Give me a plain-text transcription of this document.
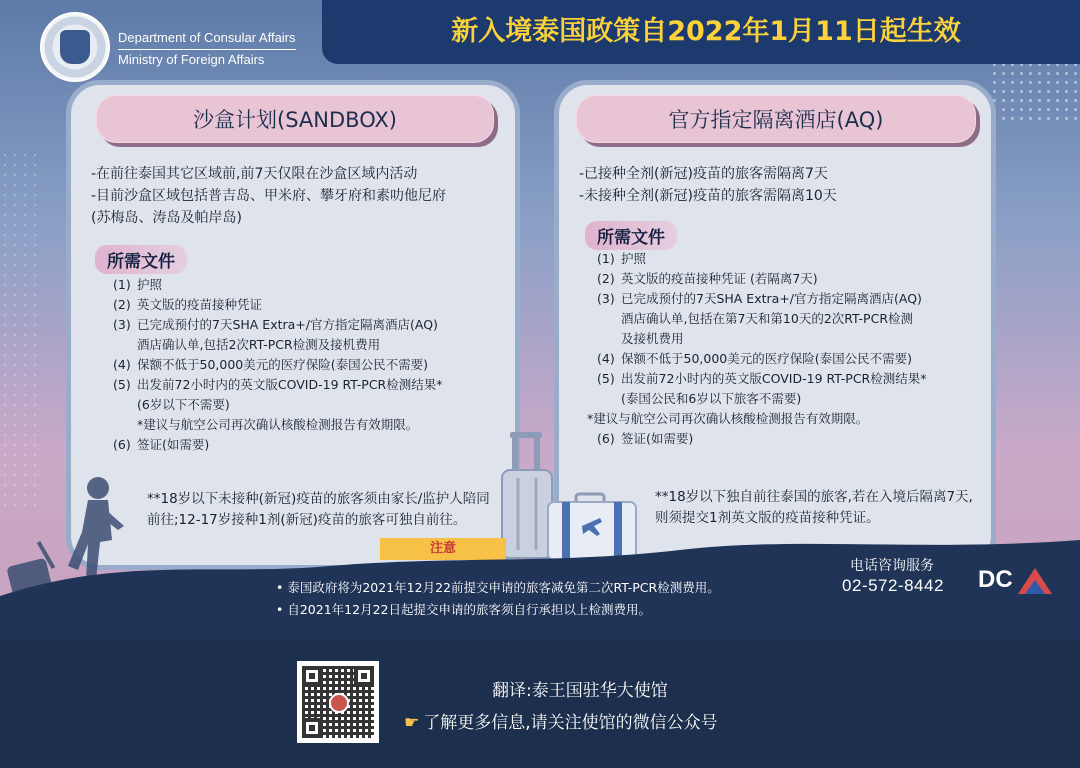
Department of Consular Affairs
Ministry of Foreign Affairs
新入境泰国政策自2022年1月11日起生效
沙盒计划(SANDBOX)
-在前往泰国其它区域前,前7天仅限在沙盒区域内活动
-目前沙盒区域包括普吉岛、甲米府、攀牙府和素叻他尼府
(苏梅岛、涛岛及帕岸岛)
所需文件
(1) 护照
(2) 英文版的疫苗接种凭证
(3) 已完成预付的7天SHA Extra+/官方指定隔离酒店(AQ)
酒店确认单,包括2次RT-PCR检测及接机费用
(4) 保额不低于50,000美元的医疗保险(泰国公民不需要)
(5) 出发前72小时内的英文版COVID-19 RT-PCR检测结果*
(6岁以下不需要)
*建议与航空公司再次确认核酸检测报告有效期限。
(6) 签证(如需要)
**18岁以下未接种(新冠)疫苗的旅客须由家长/监护人陪同前往;12-17岁接种1剂(新冠)疫苗的旅客可独自前往。
官方指定隔离酒店(AQ)
-已接种全剂(新冠)疫苗的旅客需隔离7天
-未接种全剂(新冠)疫苗的旅客需隔离10天
所需文件
(1) 护照
(2) 英文版的疫苗接种凭证 (若隔离7天)
(3) 已完成预付的7天SHA Extra+/官方指定隔离酒店(AQ)
酒店确认单,包括在第7天和第10天的2次RT-PCR检测
及接机费用
(4) 保额不低于50,000美元的医疗保险(泰国公民不需要)
(5) 出发前72小时内的英文版COVID-19 RT-PCR检测结果*
(泰国公民和6岁以下旅客不需要)
*建议与航空公司再次确认核酸检测报告有效期限。
(6) 签证(如需要)
**18岁以下独自前往泰国的旅客,若在入境后隔离7天,则须提交1剂英文版的疫苗接种凭证。
注意
• 泰国政府将为2021年12月22前提交申请的旅客减免第二次RT-PCR检测费用。
• 自2021年12月22日起提交申请的旅客须自行承担以上检测费用。
电话咨询服务
02-572-8442 DC
翻译:泰王国驻华大使馆
☛ 了解更多信息,请关注使馆的微信公众号
